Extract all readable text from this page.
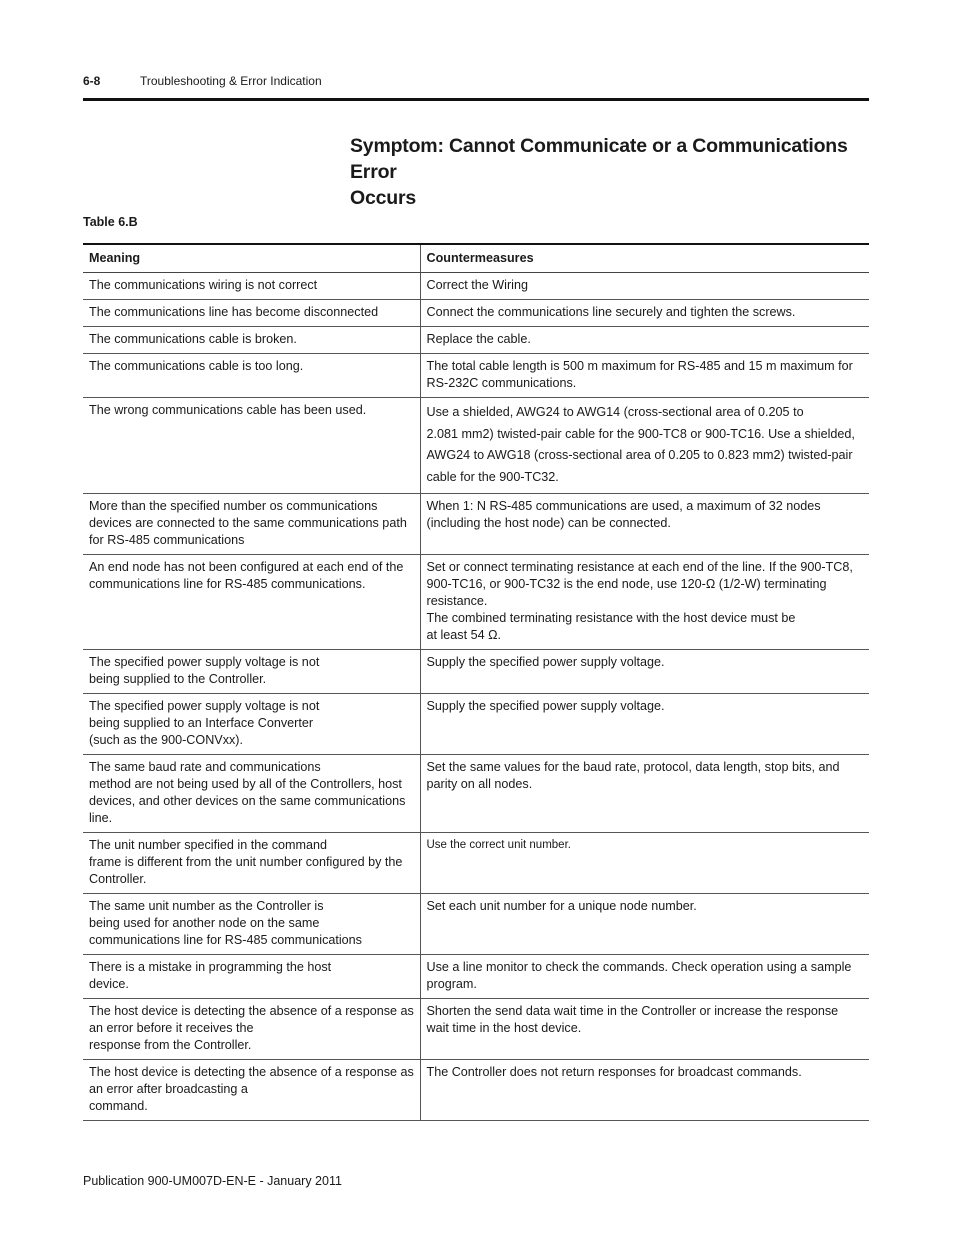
6-8	Troubleshooting & Error Indication
Symptom: Cannot Communicate or a Communications Error
Occurs
Table 6.B
Meaning	Countermeasures

The communications wiring is not correct	Correct the Wiring

The communications line has become disconnected	Connect the communications line securely and tighten the screws.

The communications cable is broken.	Replace the cable.

The communications cable is too long.	The total cable length is 500 m maximum for RS-485 and 15 m maximum for
RS-232C communications.

The wrong communications cable has been used.	Use a shielded, AWG24 to AWG14 (cross-sectional area of 0.205 to
2.081 mm2) twisted-pair cable for the 900-TC8 or 900-TC16. Use a shielded,
AWG24 to AWG18 (cross-sectional area of 0.205 to 0.823 mm2) twisted-pair
cable for the 900-TC32.

More than the specified number os communications
devices are connected to the same communications path
for RS-485 communications	When 1: N RS-485 communications are used, a maximum of 32 nodes
(including the host node) can be connected.

An end node has not been configured at each end of the
communications line for RS-485 communications.	Set or connect terminating resistance at each end of the line. If the 900-TC8,
900-TC16, or 900-TC32 is the end node, use 120-Ω (1/2-W) terminating
resistance.
The combined terminating resistance with the host device must be
at least 54 Ω.

The specified power supply voltage is not
being supplied to the Controller.	Supply the specified power supply voltage.

The specified power supply voltage is not
being supplied to an Interface Converter
(such as the 900-CONVxx).	Supply the specified power supply voltage.

The same baud rate and communications
method are not being used by all of the Controllers, host
devices, and other devices on the same communications
line.	Set the same values for the baud rate, protocol, data length, stop bits, and
parity on all nodes.

The unit number specified in the command
frame is different from the unit number configured by the
Controller.	Use the correct unit number.

The same unit number as the Controller is
being used for another node on the same
communications line for RS-485 communications	Set each unit number for a unique node number.

There is a mistake in programming the host
device.	Use a line monitor to check the commands. Check operation using a sample
program.

The host device is detecting the absence of a response as
an error before it receives the
response from the Controller.	Shorten the send data wait time in the Controller or increase the response
wait time in the host device.

The host device is detecting the absence of a response as
an error after broadcasting a
command.	The Controller does not return responses for broadcast commands.
Publication 900-UM007D-EN-E - January 2011
